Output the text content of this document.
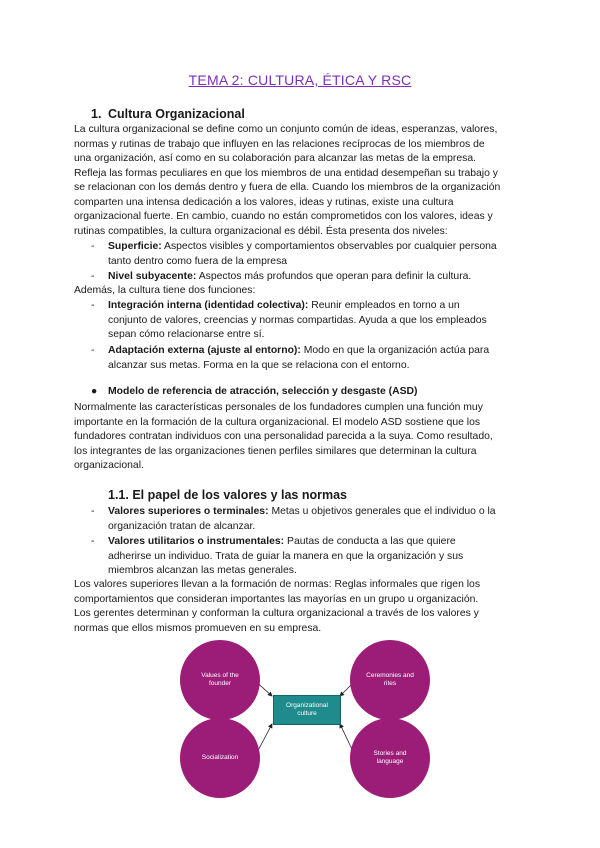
TEMA 2: CULTURA, ÉTICA Y RSC
1. Cultura Organizacional

La cultura organizacional se define como un conjunto común de ideas, esperanzas, valores,

normas y rutinas de trabajo que influyen en las relaciones recíprocas de los miembros de

una organización, así como en su colaboración para alcanzar las metas de la empresa.

Refleja las formas peculiares en que los miembros de una entidad desempeñan su trabajo y

se relacionan con los demás dentro y fuera de ella. Cuando los miembros de la organización

comparten una intensa dedicación a los valores, ideas y rutinas, existe una cultura

organizacional fuerte. En cambio, cuando no están comprometidos con los valores, ideas y

rutinas compatibles, la cultura organizacional es débil. Ésta presenta dos niveles:

- Superficie: Aspectos visibles y comportamientos observables por cualquier persona
tanto dentro como fuera de la empresa
- Nivel subyacente: Aspectos más profundos que operan para definir la cultura.

Además, la cultura tiene dos funciones:

- Integración interna (identidad colectiva): Reunir empleados en torno a un
conjunto de valores, creencias y normas compartidas. Ayuda a que los empleados
sepan cómo relacionarse entre sí.
- Adaptación externa (ajuste al entorno): Modo en que la organización actúa para
alcanzar sus metas. Forma en la que se relaciona con el entorno.
● Modelo de referencia de atracción, selección y desgaste (ASD)

Normalmente las características personales de los fundadores cumplen una función muy

importante en la formación de la cultura organizacional. El modelo ASD sostiene que los

fundadores contratan individuos con una personalidad parecida a la suya. Como resultado,

los integrantes de las organizaciones tienen perfiles similares que determinan la cultura

organizacional.

1.1. El papel de los valores y las normas
- Valores superiores o terminales: Metas u objetivos generales que el individuo o la
organización tratan de alcanzar.
- Valores utilitarios o instrumentales: Pautas de conducta a las que quiere
adherirse un individuo. Trata de guiar la manera en que la organización y sus
miembros alcanzan las metas generales.

Los valores superiores llevan a la formación de normas: Reglas informales que rigen los

comportamientos que consideran importantes las mayorías en un grupo u organización.

Los gerentes determinan y conforman la cultura organizacional a través de los valores y

normas que ellos mismos promueven en su empresa.

Values of the founder
Ceremonies and rites
Socialization
Stories and language
Organizational culture
